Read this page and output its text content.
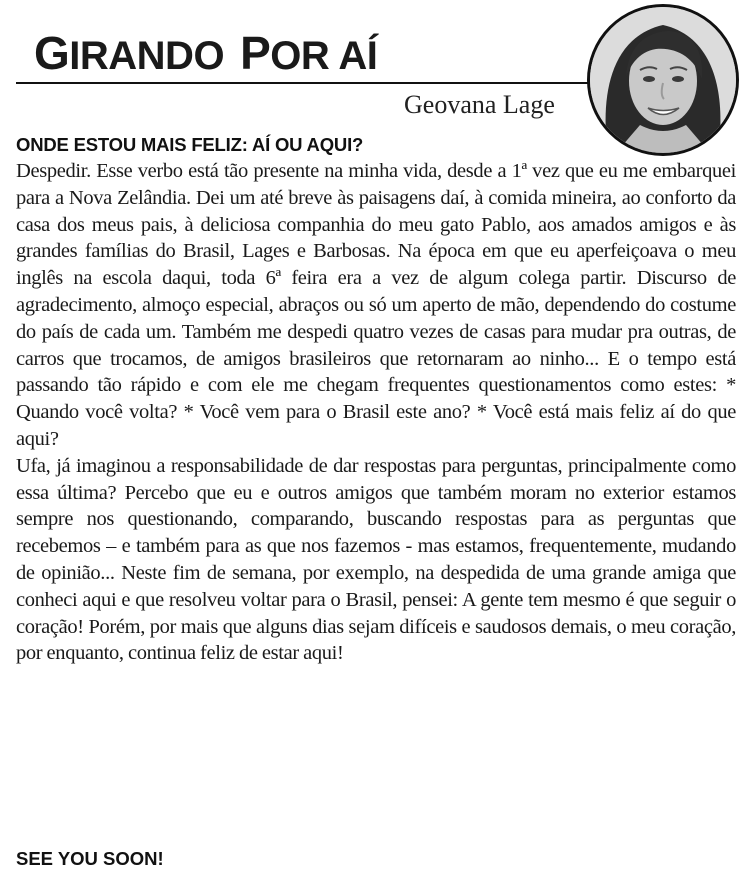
GIRANDO POR AÍ
Geovana Lage
ONDE ESTOU MAIS FELIZ: AÍ OU AQUI?

Despedir. Esse verbo está tão presente na minha vida, desde a 1ª vez que eu me embarquei para a Nova Zelândia. Dei um até breve às paisagens daí, à comida mineira, ao conforto da casa dos meus pais, à deliciosa companhia do meu gato Pablo, aos amados amigos e às grandes famílias do Brasil, Lages e Barbosas. Na época em que eu aperfeiçoava o meu inglês na escola daqui, toda 6ª feira era a vez de algum colega partir. Discurso de agradecimento, almoço especial, abraços ou só um aperto de mão, dependendo do costume do país de cada um. Também me despedi quatro vezes de casas para mudar pra outras, de carros que trocamos, de amigos brasileiros que retornaram ao ninho... E o tempo está passando tão rápido e com ele me chegam frequentes questionamentos como estes: * Quando você volta? * Você vem para o Brasil este ano? * Você está mais feliz aí do que aqui?

Ufa, já imaginou a responsabilidade de dar respostas para perguntas, principalmente como essa última? Percebo que eu e outros amigos que também moram no exterior estamos sempre nos questionando, comparando, buscando respostas para as perguntas que recebemos – e também para as que nos fazemos - mas estamos, frequentemente, mudando de opinião... Neste fim de semana, por exemplo, na despedida de uma grande amiga que conheci aqui e que resolveu voltar para o Brasil, pensei: A gente tem mesmo é que seguir o coração! Porém, por mais que alguns dias sejam difíceis e saudosos demais, o meu coração, por enquanto, continua feliz de estar aqui!

SEE YOU SOON!
